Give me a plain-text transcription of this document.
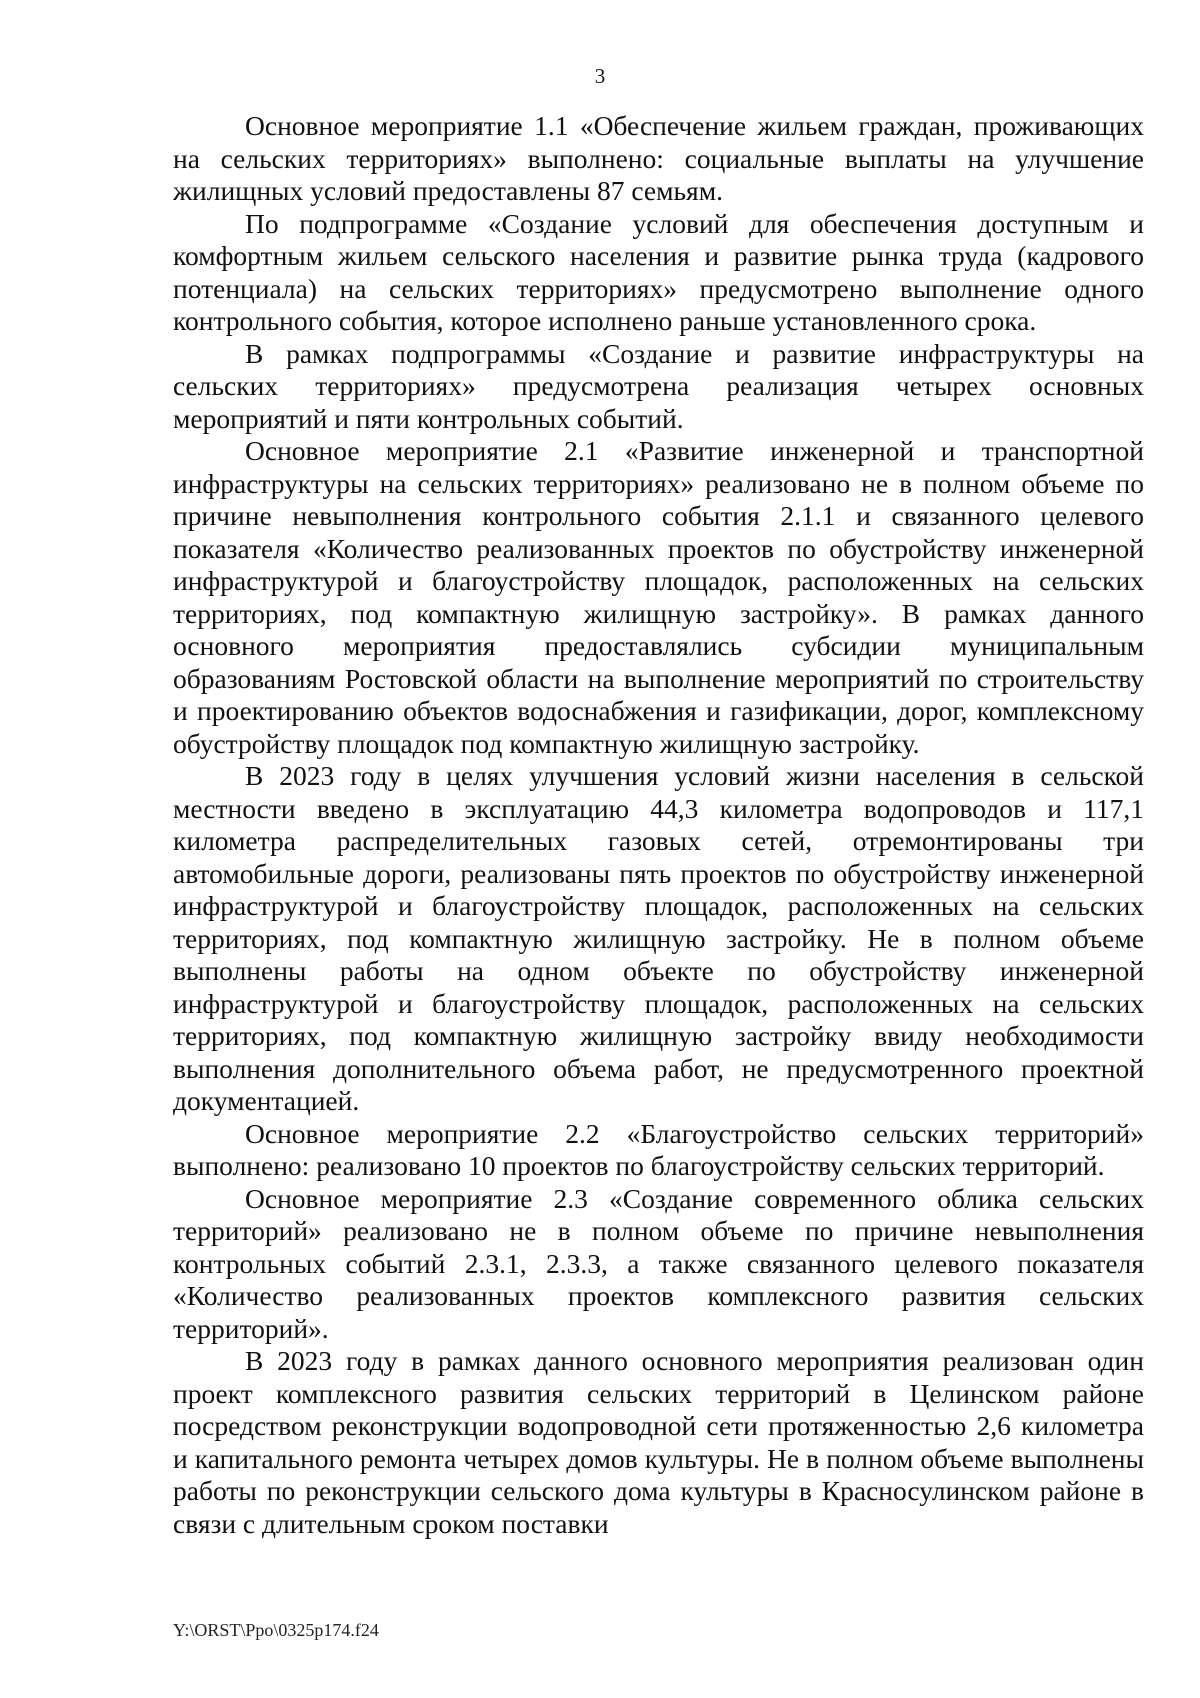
3

Основное мероприятие 1.1 «Обеспечение жильем граждан, проживающих на сельских территориях» выполнено: социальные выплаты на улучшение жилищных условий предоставлены 87 семьям.

По подпрограмме «Создание условий для обеспечения доступным и комфортным жильем сельского населения и развитие рынка труда (кадрового потенциала) на сельских территориях» предусмотрено выполнение одного контрольного события, которое исполнено раньше установленного срока.

В рамках подпрограммы «Создание и развитие инфраструктуры на сельских территориях» предусмотрена реализация четырех основных мероприятий и пяти контрольных событий.

Основное мероприятие 2.1 «Развитие инженерной и транспортной инфраструктуры на сельских территориях» реализовано не в полном объеме по причине невыполнения контрольного события 2.1.1 и связанного целевого показателя «Количество реализованных проектов по обустройству инженерной инфраструктурой и благоустройству площадок, расположенных на сельских территориях, под компактную жилищную застройку». В рамках данного основного мероприятия предоставлялись субсидии муниципальным образованиям Ростовской области на выполнение мероприятий по строительству и проектированию объектов водоснабжения и газификации, дорог, комплексному обустройству площадок под компактную жилищную застройку.

В 2023 году в целях улучшения условий жизни населения в сельской местности введено в эксплуатацию 44,3 километра водопроводов и 117,1 километра распределительных газовых сетей, отремонтированы три автомобильные дороги, реализованы пять проектов по обустройству инженерной инфраструктурой и благоустройству площадок, расположенных на сельских территориях, под компактную жилищную застройку. Не в полном объеме выполнены работы на одном объекте по обустройству инженерной инфраструктурой и благоустройству площадок, расположенных на сельских территориях, под компактную жилищную застройку ввиду необходимости выполнения дополнительного объема работ, не предусмотренного проектной документацией.

Основное мероприятие 2.2 «Благоустройство сельских территорий» выполнено: реализовано 10 проектов по благоустройству сельских территорий.

Основное мероприятие 2.3 «Создание современного облика сельских территорий» реализовано не в полном объеме по причине невыполнения контрольных событий 2.3.1, 2.3.3, а также связанного целевого показателя «Количество реализованных проектов комплексного развития сельских территорий».

В 2023 году в рамках данного основного мероприятия реализован один проект комплексного развития сельских территорий в Целинском районе посредством реконструкции водопроводной сети протяженностью 2,6 километра и капитального ремонта четырех домов культуры. Не в полном объеме выполнены работы по реконструкции сельского дома культуры в Красносулинском районе в связи с длительным сроком поставки

Y:\ORST\Ppo\0325p174.f24
